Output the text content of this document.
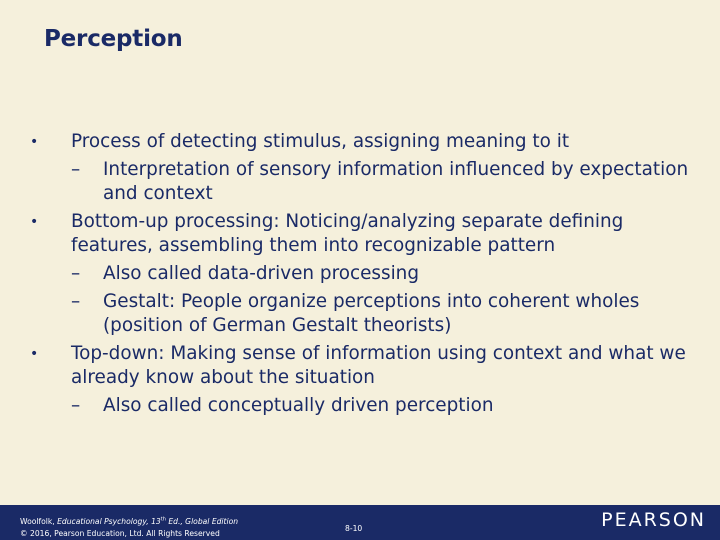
Perception
•	Process of detecting stimulus, assigning meaning to it
–	Interpretation of sensory information influenced by expectation and context
•	Bottom-up processing: Noticing/analyzing separate defining features, assembling them into recognizable pattern
–	Also called data-driven processing
–	Gestalt: People organize perceptions into coherent wholes (position of German Gestalt theorists)
•	Top-down: Making sense of information using context and what we already know about the situation
–	Also called conceptually driven perception
Woolfolk, Educational Psychology, 13th Ed., Global Edition
© 2016, Pearson Education, Ltd. All Rights Reserved
8-10	PEARSON
